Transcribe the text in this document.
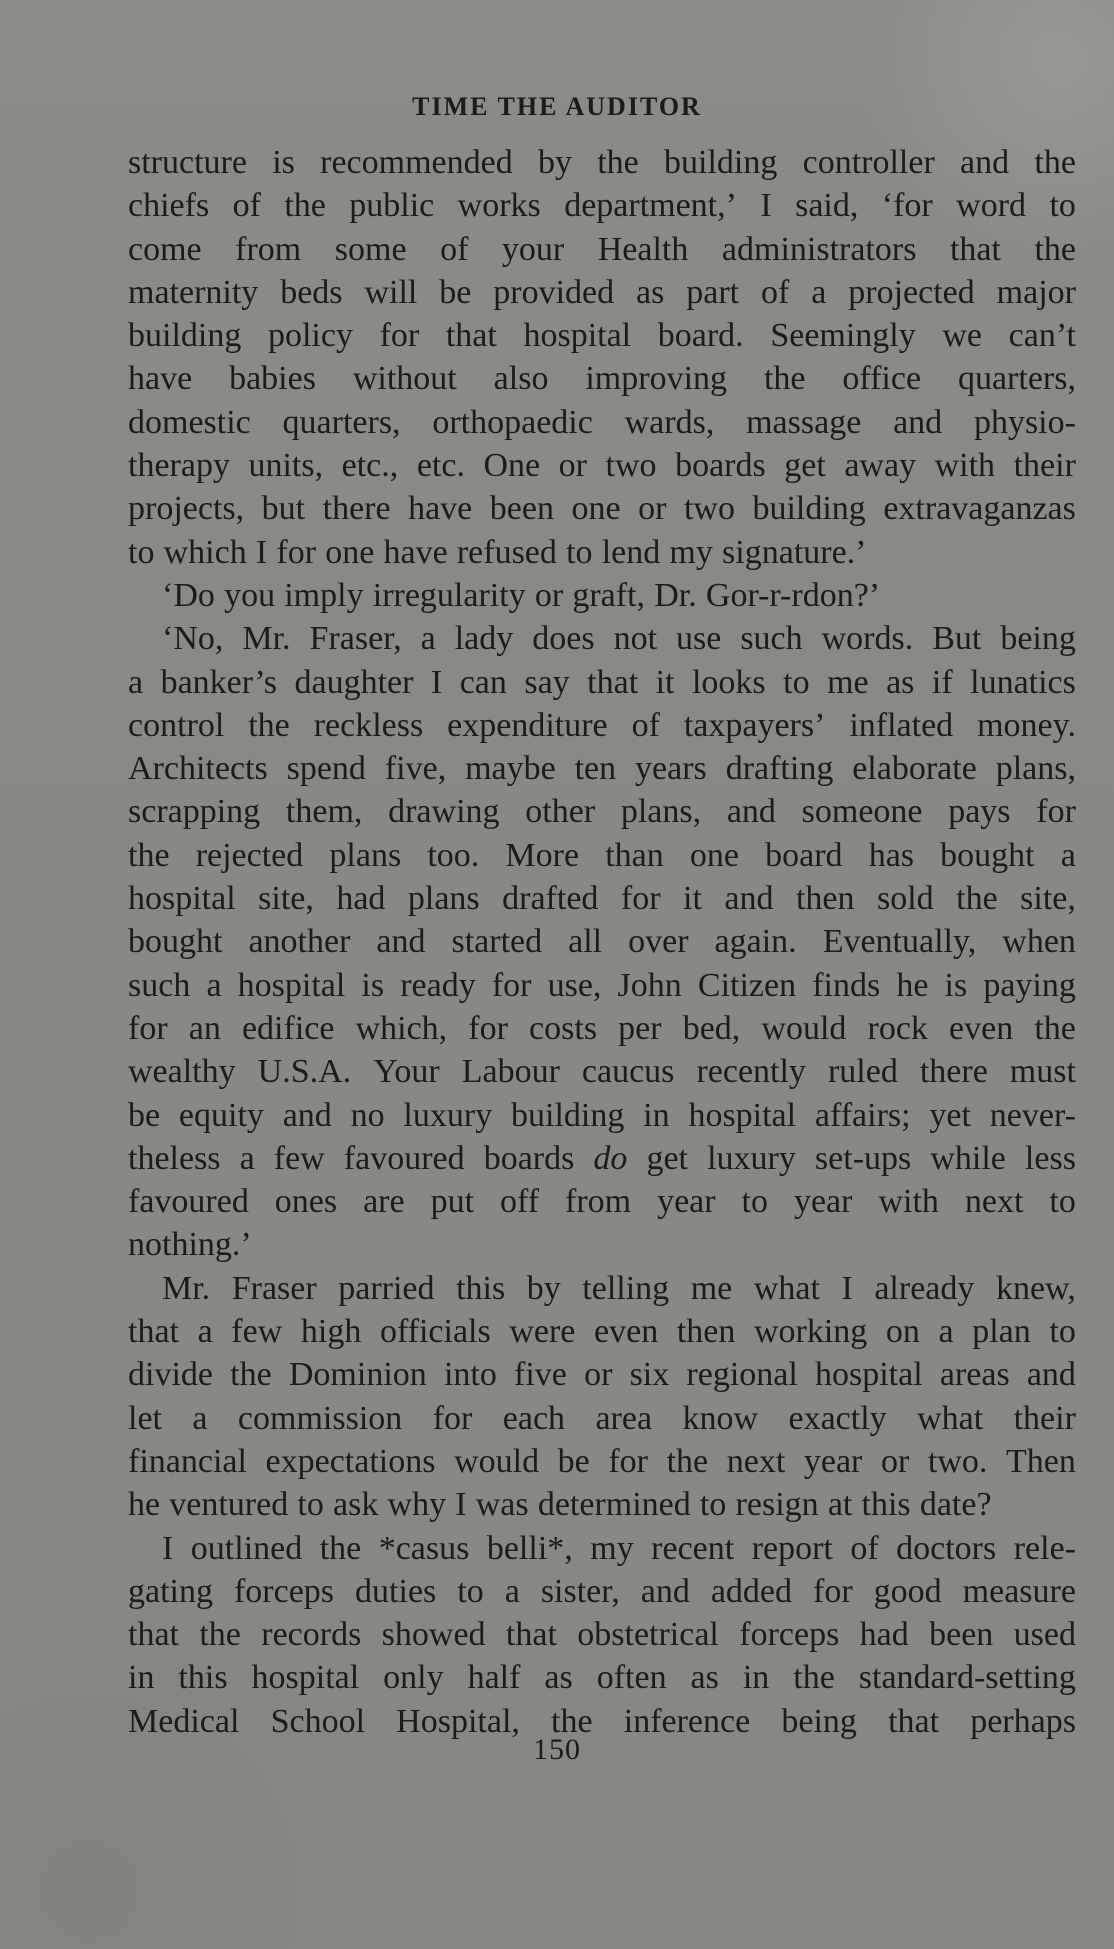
TIME THE AUDITOR
structure is recommended by the building controller and the
chiefs of the public works department,’ I said, ‘for word to
come from some of your Health administrators that the
maternity beds will be provided as part of a projected major
building policy for that hospital board. Seemingly we can’t
have babies without also improving the office quarters,
domestic quarters, orthopaedic wards, massage and physio-
therapy units, etc., etc. One or two boards get away with their
projects, but there have been one or two building extravaganzas
to which I for one have refused to lend my signature.’
‘Do you imply irregularity or graft, Dr. Gor-r-rdon?’
‘No, Mr. Fraser, a lady does not use such words. But being
a banker’s daughter I can say that it looks to me as if lunatics
control the reckless expenditure of taxpayers’ inflated money.
Architects spend five, maybe ten years drafting elaborate plans,
scrapping them, drawing other plans, and someone pays for
the rejected plans too. More than one board has bought a
hospital site, had plans drafted for it and then sold the site,
bought another and started all over again. Eventually, when
such a hospital is ready for use, John Citizen finds he is paying
for an edifice which, for costs per bed, would rock even the
wealthy U.S.A. Your Labour caucus recently ruled there must
be equity and no luxury building in hospital affairs; yet never-
theless a few favoured boards do get luxury set-ups while less
favoured ones are put off from year to year with next to
nothing.’
Mr. Fraser parried this by telling me what I already knew,
that a few high officials were even then working on a plan to
divide the Dominion into five or six regional hospital areas and
let a commission for each area know exactly what their
financial expectations would be for the next year or two. Then
he ventured to ask why I was determined to resign at this date?
I outlined the *casus belli*, my recent report of doctors rele-
gating forceps duties to a sister, and added for good measure
that the records showed that obstetrical forceps had been used
in this hospital only half as often as in the standard-setting
Medical School Hospital, the inference being that perhaps
150
